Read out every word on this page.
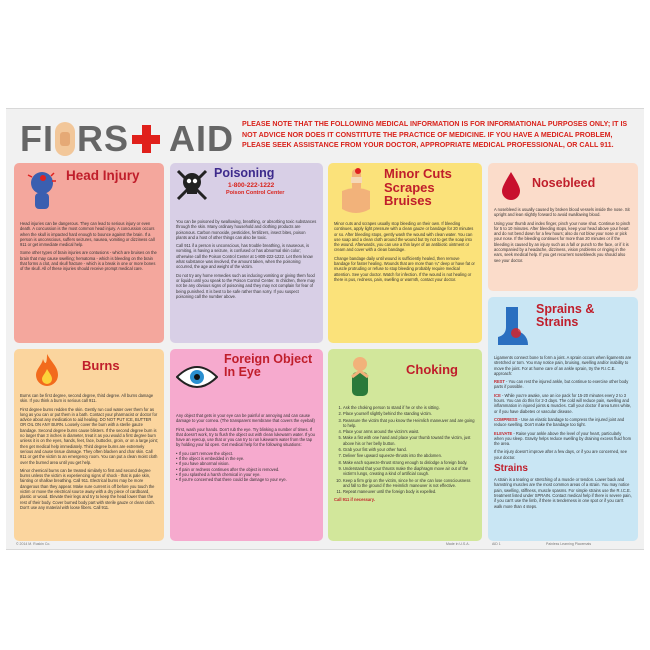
FI RS AID PLEASE NOTE THAT THE FOLLOWING MEDICAL INFORMATION IS FOR INFORMATIONAL PURPOSES ONLY; IT IS NOT ADVICE NOR DOES IT CONSTITUTE THE PRACTICE OF MEDICINE. IF YOU HAVE A MEDICAL PROBLEM, PLEASE SEEK ASSISTANCE FROM YOUR DOCTOR, APPROPRIATE MEDICAL PROFESSIONAL, OR CALL 911.
Head Injury

Head injuries can be dangerous. They can lead to serious injury or even death. A concussion is the most common head injury. A concussion occurs when the skull is impacted hard enough to bounce against the brain. If a person is unconscious, suffers seizures, nausea, vomiting or dizziness call 911 or get immediate medical help.

Some other types of brain injuries are contusions - which are bruises on the brain that may cause swelling; hematoma - which is bleeding on the brain that forms a clot, and skull fracture - which is a break in one or more bones of the skull. All of these injuries should receive prompt medical care.

Poisoning
1-800-222-1222
Poison Control Center

You can be poisoned by swallowing, breathing, or absorbing toxic substances through the skin. Many ordinary household and clothing products are poisonous. Carbon monoxide, pesticides, fertilizers, insect bites, poison plants and a host of other things can also be toxic.

Call 911 if a person is unconscious, has trouble breathing, is nauseous, is vomiting, is having a seizure, is confused or has abnormal skin color; otherwise call the Poison Control Center at 1-800-222-1222. Let them know what substance was involved, the amount taken, when the poisoning occurred, the age and weight of the victim.

Do not try any home remedies such as inducing vomiting or giving them food or liquids until you speak to the Poison Control Center. In children, there may not be any obvious signs of poisoning and they may not complain for fear of being punished. It is best to be safe rather than sorry. If you suspect poisoning call the number above.

Minor Cuts Scrapes Bruises

Minor cuts and scrapes usually stop bleeding on their own. If bleeding continues, apply light pressure with a clean gauze or bandage for 20 minutes or so. After bleeding stops, gently wash the wound with clean water. You can use soap and a clean cloth around the wound but try not to get the soap into the wound. Afterwards, you can use a thin layer of an antibiotic ointment or cream and cover with a clean bandage.

Change bandage daily until wound is sufficiently healed, then remove bandage for faster healing. Wounds that are more than ¼" deep or have fat or muscle protruding or refuse to stop bleeding probably require medical attention. See your doctor. Watch for infection. If the wound is not healing or there is pus, redness, pain, swelling or warmth, contact your doctor.

Nosebleed

A nosebleed is usually caused by broken blood vessels inside the nose. Sit upright and lean slightly forward to avoid swallowing blood.

Using your thumb and index finger, pinch your nose shut. Continue to pinch for 5 to 10 minutes. After bleeding stops, keep your head above your heart and do not bend down for a few hours; also do not blow your nose or pick your nose. If the bleeding continues for more than 20 minutes or if the bleeding is caused by an injury such as a fall or punch to the face, or if it is accompanied by a headache, dizziness, vision problems or ringing in the ears, seek medical help. If you get recurrent nosebleeds you should also see your doctor.

Burns

Burns can be first degree, second degree, third degree. All burns damage skin. If you think a burn is serious call 911.

First degree burns redden the skin. Gently run cool water over them for as long as you can or put them in a bath. Contact your pharmacist or doctor for advice about any medication to aid healing. DO NOT PUT ICE, BUTTER OR OIL ON ANY BURN. Loosely cover the burn with a sterile gauze bandage. Second degree burns cause blisters. If the second degree burn is no larger than 3 inches in diameter, treat it as you would a first degree burn unless it is on the eyes, hands, feet, face, buttocks, groin, or on a large joint; then get medical help immediately. Third degree burns are extremely serious and cause tissue damage. They often blacken and char skin. Call 911 or get the victim to an emergency room. You can put a clean moist cloth over the burned area until you get help.

Minor chemical burns can be treated similarly to first and second degree burns unless the victim is experiencing signs of shock - that is pale skin, fainting or shallow breathing. Call 911. Electrical burns may be more dangerous than they appear. Make sure current is off before you touch the victim or move the electrical source away with a dry piece of cardboard, plastic or wood. Elevate their legs and try to keep the head lower than the rest of their body. Cover burned body part with sterile gauze or clean cloth. Don't use any material with loose fibers. Call 911.

Foreign Object In Eye

Any object that gets in your eye can be painful or annoying and can cause damage to your cornea. (The transparent membrane that covers the eyeball)

First, wash your hands. Don't rub the eye. Try blinking a number of times. If that doesn't work, try to flush the object out with clean lukewarm water. If you have an eyecup, use that or you can try to run lukewarm water from the tap by holding your lid open. Get medical help for the following situations:

• If you can't remove the object.
• If the object is embedded in the eye.
• If you have abnormal vision.
• If pain or redness continues after the object is removed.
• If you splashed a harsh chemical in your eye.
• If you're concerned that there could be damage to your eye.
Choking
1. Ask the choking person to stand if he or she is sitting.
2. Place yourself slightly behind the standing victim.
3. Reassure the victim that you know the Heimlich maneuver and are going to help.
4. Place your arms around the victim's waist.
5. Make a fist with one hand and place your thumb toward the victim, just above his or her belly button.
6. Grab your fist with your other hand.
7. Deliver five upward squeeze-thrusts into the abdomen.
8. Make each squeeze-thrust strong enough to dislodge a foreign body.
9. Understand that your thrusts make the diaphragm move air out of the victim's lungs, creating a kind of artificial cough.
10. Keep a firm grip on the victim, since he or she can lose consciousness and fall to the ground if the Heimlich maneuver is not effective.
11. Repeat maneuver until the foreign body is expelled.

Call 911 if necessary.

Sprains & Strains

Ligaments connect bone to form a joint. A sprain occurs when ligaments are stretched or torn. You may notice pain, bruising, swelling and/or inability to move the joint. For at home care of an ankle sprain, try the R.I.C.E. approach:

REST - You can rest the injured ankle, but continue to exercise other body parts if possible.

ICE - While you're awake, use an ice pack for 15-20 minutes every 2 to 3 hours. You can do this for 2-3 days. The cold will reduce pain, swelling and inflammation in injured joints & muscles. Call your doctor if area turns white, or if you have diabetes or vascular disease.

COMPRESS - Use an elastic bandage to compress the injured joint and reduce swelling. Don't make the bandage too tight.

ELEVATE - Raise your ankle above the level of your heart, particularly when you sleep. Gravity helps reduce swelling by draining excess fluid from the area.

If the injury doesn't improve after a few days, or if you are concerned, see your doctor.

Strains

A strain is a tearing or stretching of a muscle or tendon. Lower back and hamstring muscles are the most common areas of a strain. You may notice pain, swelling, stiffness, muscle spasms. For simple strains use the R.I.C.E. treatment listed under SPRAIN. Contact medical help if there is severe pain, if you can't use the limb, if there is tenderness in one spot or if you can't walk more than 4 steps.

© 2014 M. Ruskin Co.	Made in U.S.A.	AID 1	Painless Learning Placemats
